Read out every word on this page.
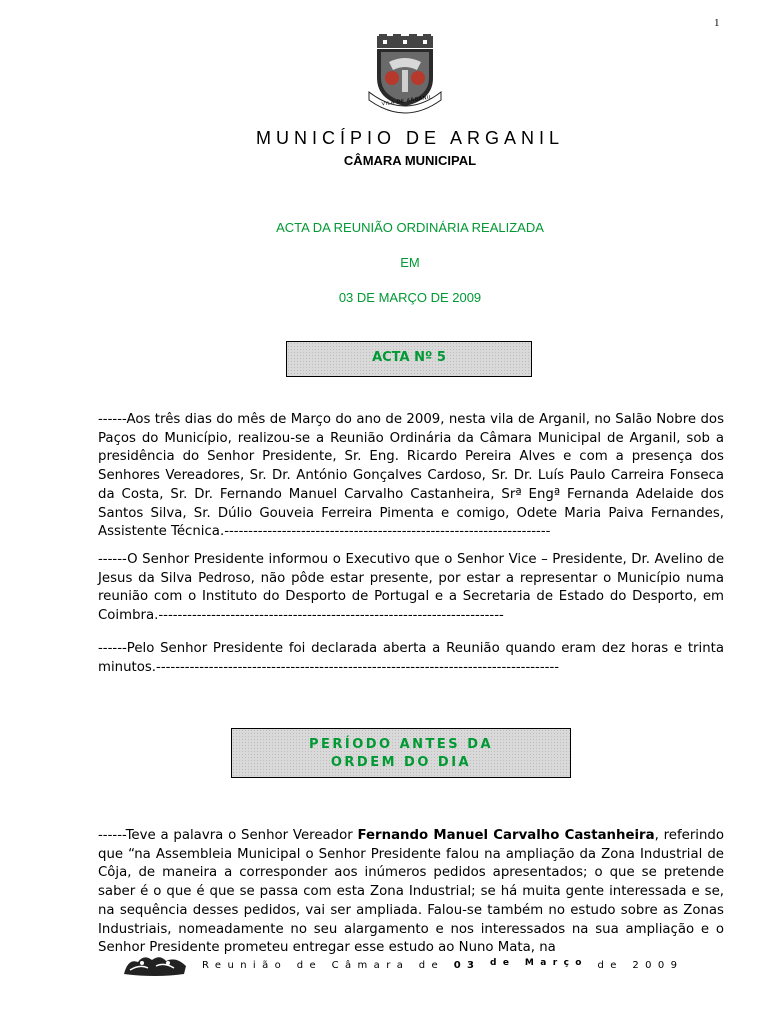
1
VILA DE ARGANIL
MUNICÍPIO DE ARGANIL
CÂMARA MUNICIPAL
ACTA DA REUNIÃO ORDINÁRIA REALIZADA
EM
03 DE MARÇO DE 2009
ACTA Nº 5
------Aos três dias do mês de Março do ano de 2009, nesta vila de Arganil, no Salão Nobre dos Paços do Município, realizou-se a Reunião Ordinária da Câmara Municipal de Arganil, sob a presidência do Senhor Presidente, Sr. Eng. Ricardo Pereira Alves e com a presença dos Senhores Vereadores, Sr. Dr. António Gonçalves Cardoso, Sr. Dr. Luís Paulo Carreira Fonseca da Costa, Sr. Dr. Fernando Manuel Carvalho Castanheira, Srª Engª Fernanda Adelaide dos Santos Silva, Sr. Dúlio Gouveia Ferreira Pimenta e comigo, Odete Maria Paiva Fernandes, Assistente Técnica.--------------------------------------------------------------------
------O Senhor Presidente informou o Executivo que o Senhor Vice – Presidente, Dr. Avelino de Jesus da Silva Pedroso, não pôde estar presente, por estar a representar o Município numa reunião com o Instituto do Desporto de Portugal e a Secretaria de Estado do Desporto, em Coimbra.------------------------------------------------------------------------
------Pelo Senhor Presidente foi declarada aberta a Reunião quando eram dez horas e trinta minutos.------------------------------------------------------------------------------------
PERÍODO ANTES DA
ORDEM DO DIA
------Teve a palavra o Senhor Vereador Fernando Manuel Carvalho Castanheira, referindo que “na Assembleia Municipal o Senhor Presidente falou na ampliação da Zona Industrial de Côja, de maneira a corresponder aos inúmeros pedidos apresentados; o que se pretende saber é o que é que se passa com esta Zona Industrial; se há muita gente interessada e se, na sequência desses pedidos, vai ser ampliada. Falou-se também no estudo sobre as Zonas Industriais, nomeadamente no seu alargamento e nos interessados na sua ampliação e o Senhor Presidente prometeu entregar esse estudo ao Nuno Mata, na
Reunião de Câmara de 03 de Março de 2009
